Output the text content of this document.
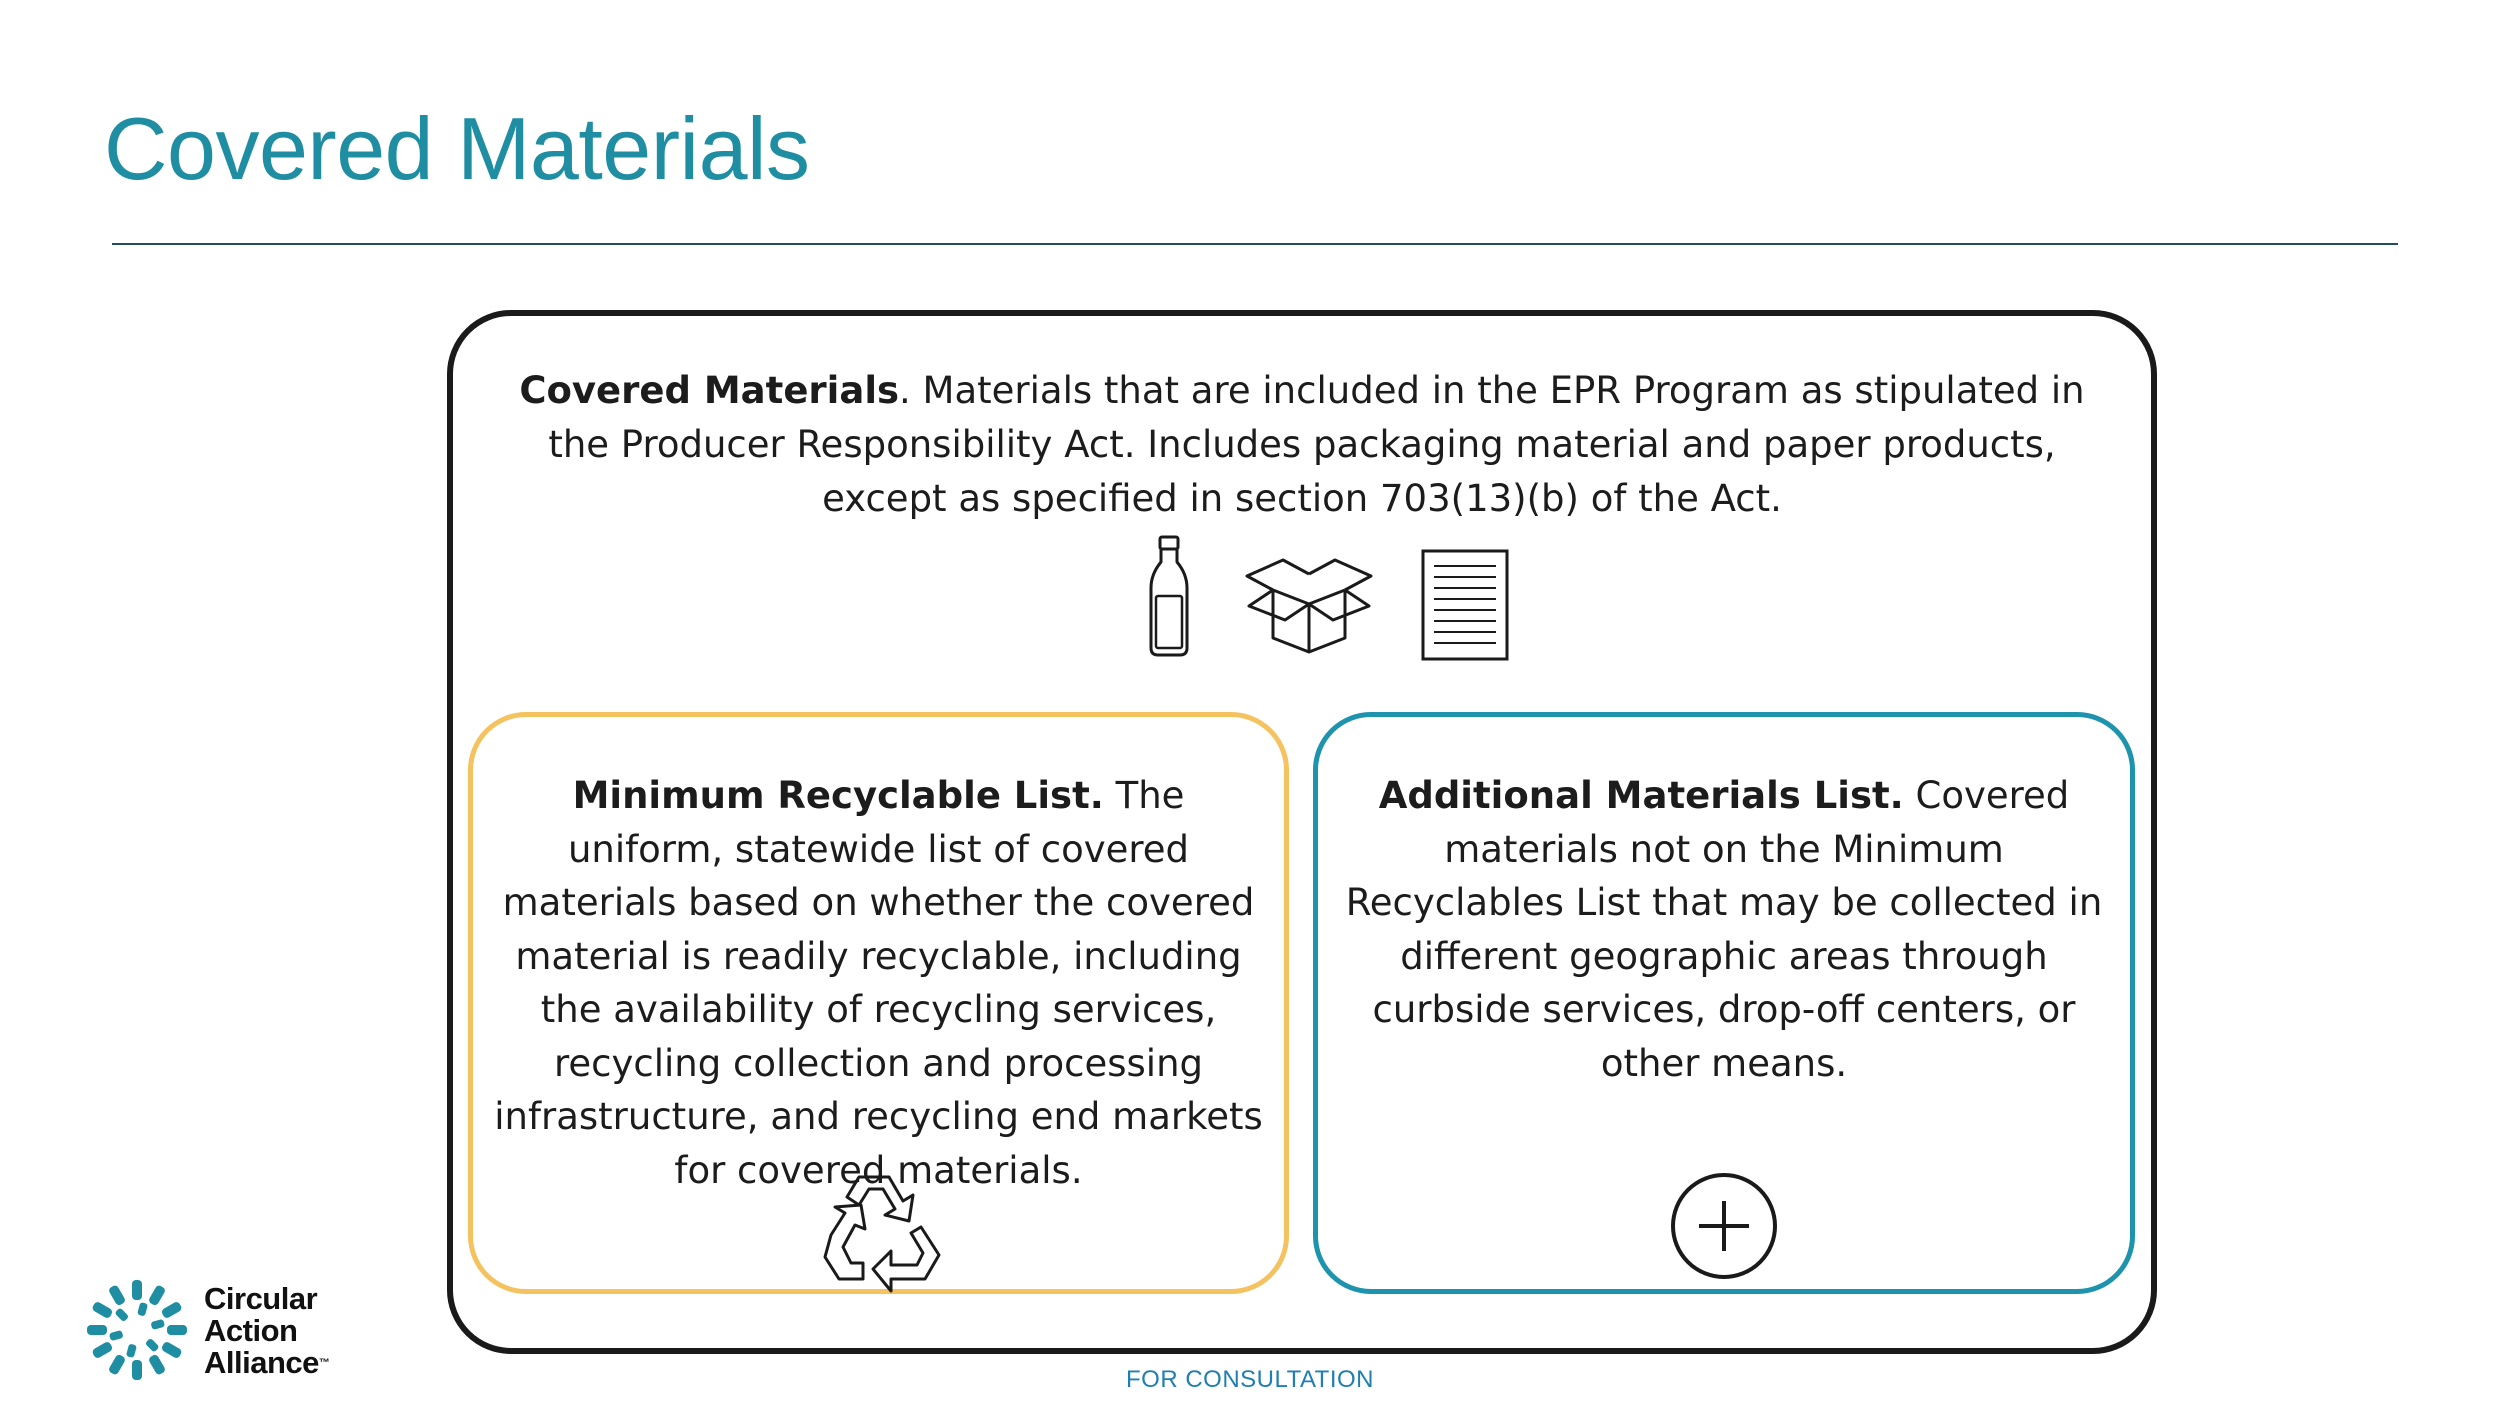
Covered Materials

Covered Materials. Materials that are included in the EPR Program as stipulated in the Producer Responsibility Act. Includes packaging material and paper products, except as specified in section 703(13)(b) of the Act.

Minimum Recyclable List. The uniform, statewide list of covered materials based on whether the covered material is readily recyclable, including the availability of recycling services, recycling collection and processing infrastructure, and recycling end markets for covered materials.

Additional Materials List. Covered materials not on the Minimum Recyclables List that may be collected in different geographic areas through curbside services, drop-off centers, or other means.

Circular
Action
Alliance™
FOR CONSULTATION
